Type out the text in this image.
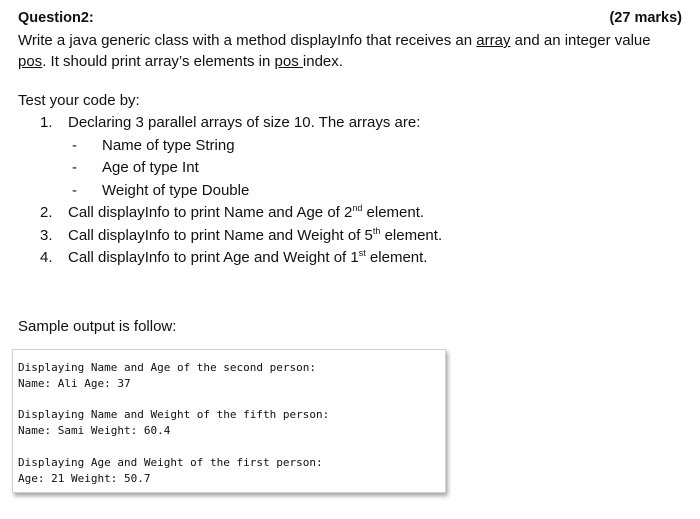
Question2:	(27 marks)
Write a java generic class with a method displayInfo that receives an array and an integer value
pos. It should print array’s elements in pos index.
Test your code by:
1. Declaring 3 parallel arrays of size 10. The arrays are:
- Name of type String
- Age of type Int
- Weight of type Double
2. Call displayInfo to print Name and Age of 2nd element.
3. Call displayInfo to print Name and Weight of 5th element.
4. Call displayInfo to print Age and Weight of 1st element.
Sample output is follow:
Displaying Name and Age of the second person:
Name: Ali Age: 37
Displaying Name and Weight of the fifth person:
Name: Sami Weight: 60.4
Displaying Age and Weight of the first person:
Age: 21 Weight: 50.7
